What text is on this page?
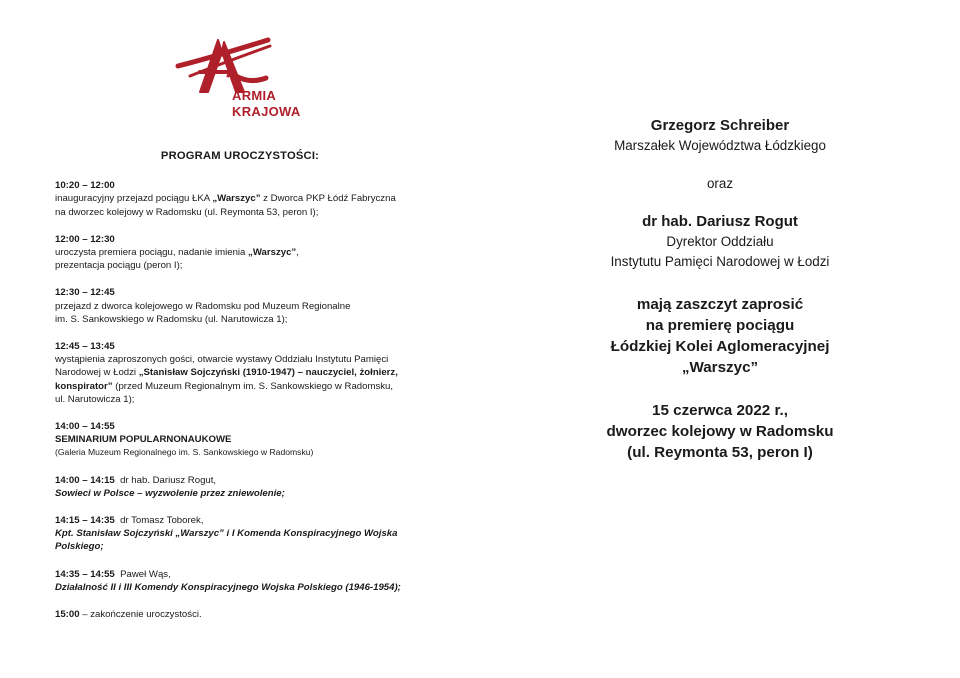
ARMIA
KRAJOWA
PROGRAM UROCZYSTOŚCI:
10:20 – 12:00
inauguracyjny przejazd pociągu ŁKA „Warszyc” z Dworca PKP Łódź Fabryczna
na dworzec kolejowy w Radomsku (ul. Reymonta 53, peron I);
12:00 – 12:30
uroczysta premiera pociągu, nadanie imienia „Warszyc”,
prezentacja pociągu (peron I);
12:30 – 12:45
przejazd z dworca kolejowego w Radomsku pod Muzeum Regionalne
im. S. Sankowskiego w Radomsku (ul. Narutowicza 1);
12:45 – 13:45
wystąpienia zaproszonych gości, otwarcie wystawy Oddziału Instytutu Pamięci
Narodowej w Łodzi „Stanisław Sojczyński (1910-1947) – nauczyciel, żołnierz,
konspirator” (przed Muzeum Regionalnym im. S. Sankowskiego w Radomsku,
ul. Narutowicza 1);
14:00 – 14:55
SEMINARIUM POPULARNONAUKOWE
(Galeria Muzeum Regionalnego im. S. Sankowskiego w Radomsku)
14:00 – 14:15 dr hab. Dariusz Rogut,
Sowieci w Polsce – wyzwolenie przez zniewolenie;
14:15 – 14:35 dr Tomasz Toborek,
Kpt. Stanisław Sojczyński „Warszyc” i I Komenda Konspiracyjnego Wojska Polskiego;
14:35 – 14:55 Paweł Wąs,
Działalność II i III Komendy Konspiracyjnego Wojska Polskiego (1946-1954);
15:00 – zakończenie uroczystości.
Grzegorz Schreiber
Marszałek Województwa Łódzkiego
oraz
dr hab. Dariusz Rogut
Dyrektor Oddziału
Instytutu Pamięci Narodowej w Łodzi
mają zaszczyt zaprosić
na premierę pociągu
Łódzkiej Kolei Aglomeracyjnej
„Warszyc”
15 czerwca 2022 r.,
dworzec kolejowy w Radomsku
(ul. Reymonta 53, peron I)
